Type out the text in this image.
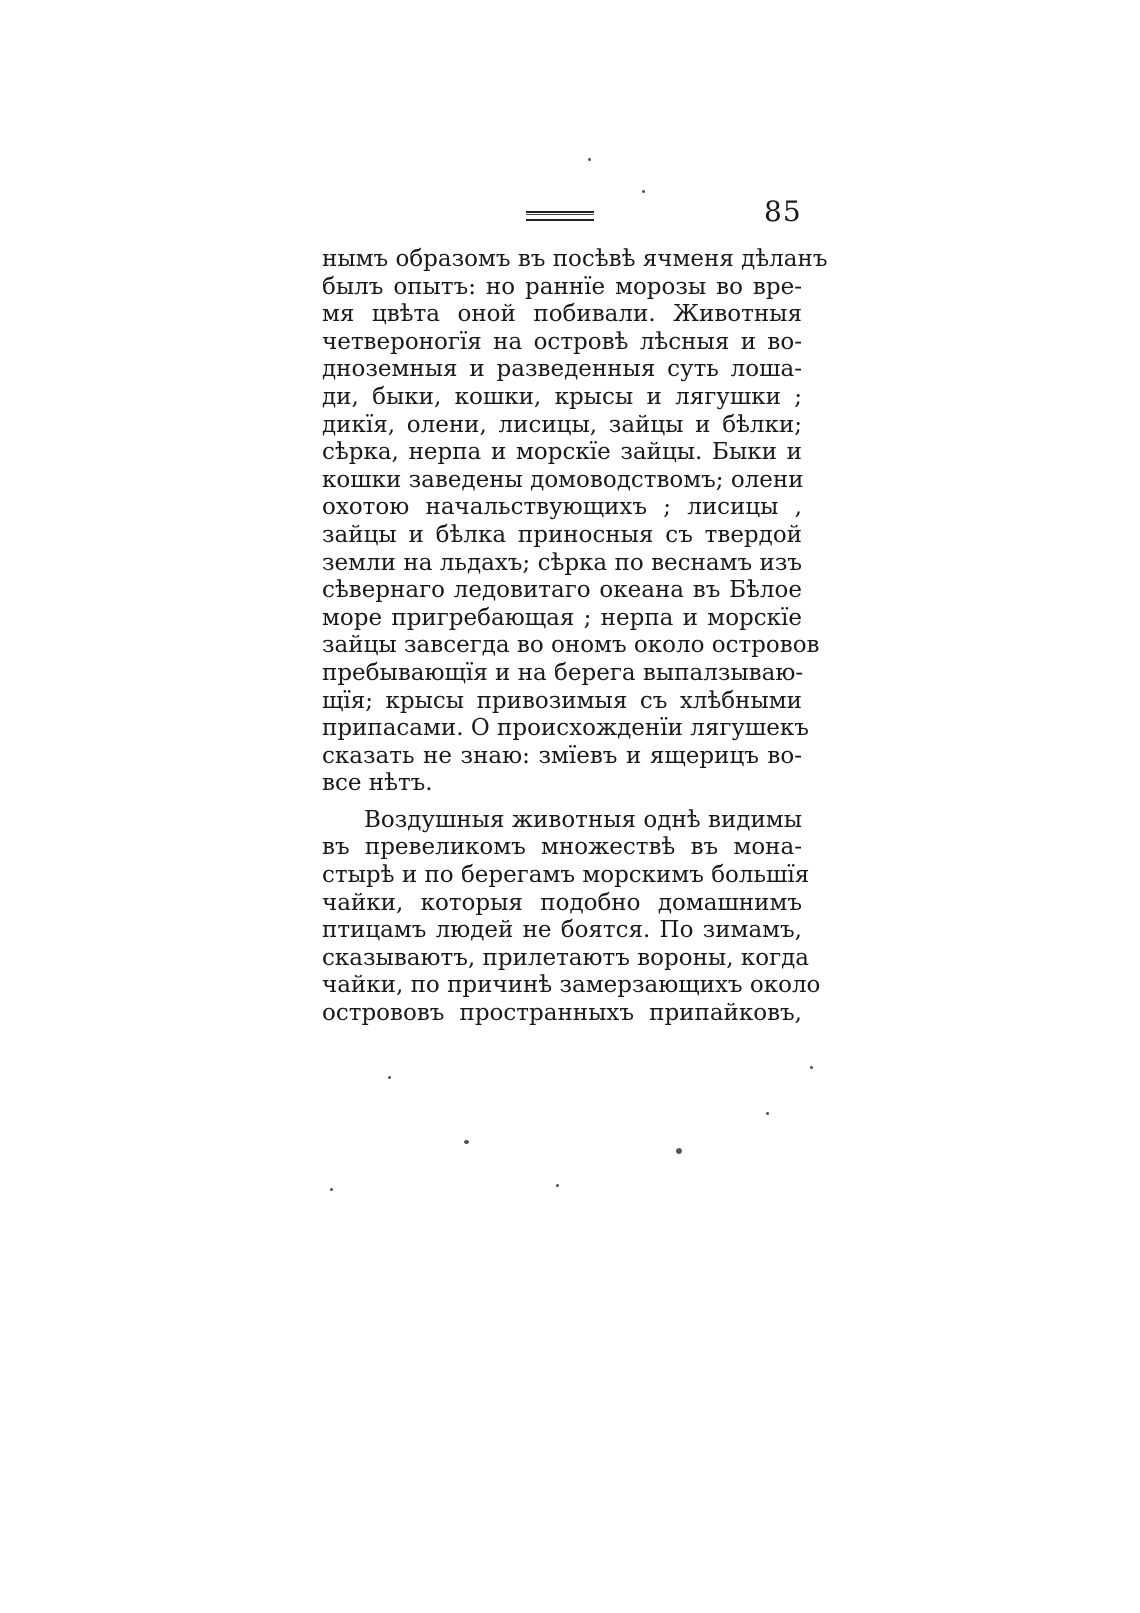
85
нымъ образомъ въ посѣвѣ ячменя дѣланъ
былъ опытъ: но раннїе морозы во вре-
мя цвѣта оной побивали. Животныя
четвероногїя на островѣ лѣсныя и во-
дноземныя и разведенныя суть лоша-
ди, быки, кошки, крысы и лягушки ;
дикїя, олени, лисицы, зайцы и бѣлки;
сѣрка, нерпа и морскїе зайцы. Быки и
кошки заведены домоводствомъ; олени
охотою начальствующихъ ; лисицы ,
зайцы и бѣлка приносныя съ твердой
земли на льдахъ; сѣрка по веснамъ изъ
сѣвернаго ледовитаго океана въ Бѣлое
море пригребающая ; нерпа и морскїе
зайцы завсегда во ономъ около островов
пребывающїя и на берега выпалзываю-
щїя; крысы привозимыя съ хлѣбными
припасами. О происхожденїи лягушекъ
сказать не знаю: змїевъ и ящерицъ во-
все нѣтъ.
Воздушныя животныя однѣ видимы
въ превеликомъ множествѣ въ мона-
стырѣ и по берегамъ морскимъ большїя
чайки, которыя подобно домашнимъ
птицамъ людей не боятся. По зимамъ,
сказываютъ, прилетаютъ вороны, когда
чайки, по причинѣ замерзающихъ около
острововъ пространныхъ припайковъ,
